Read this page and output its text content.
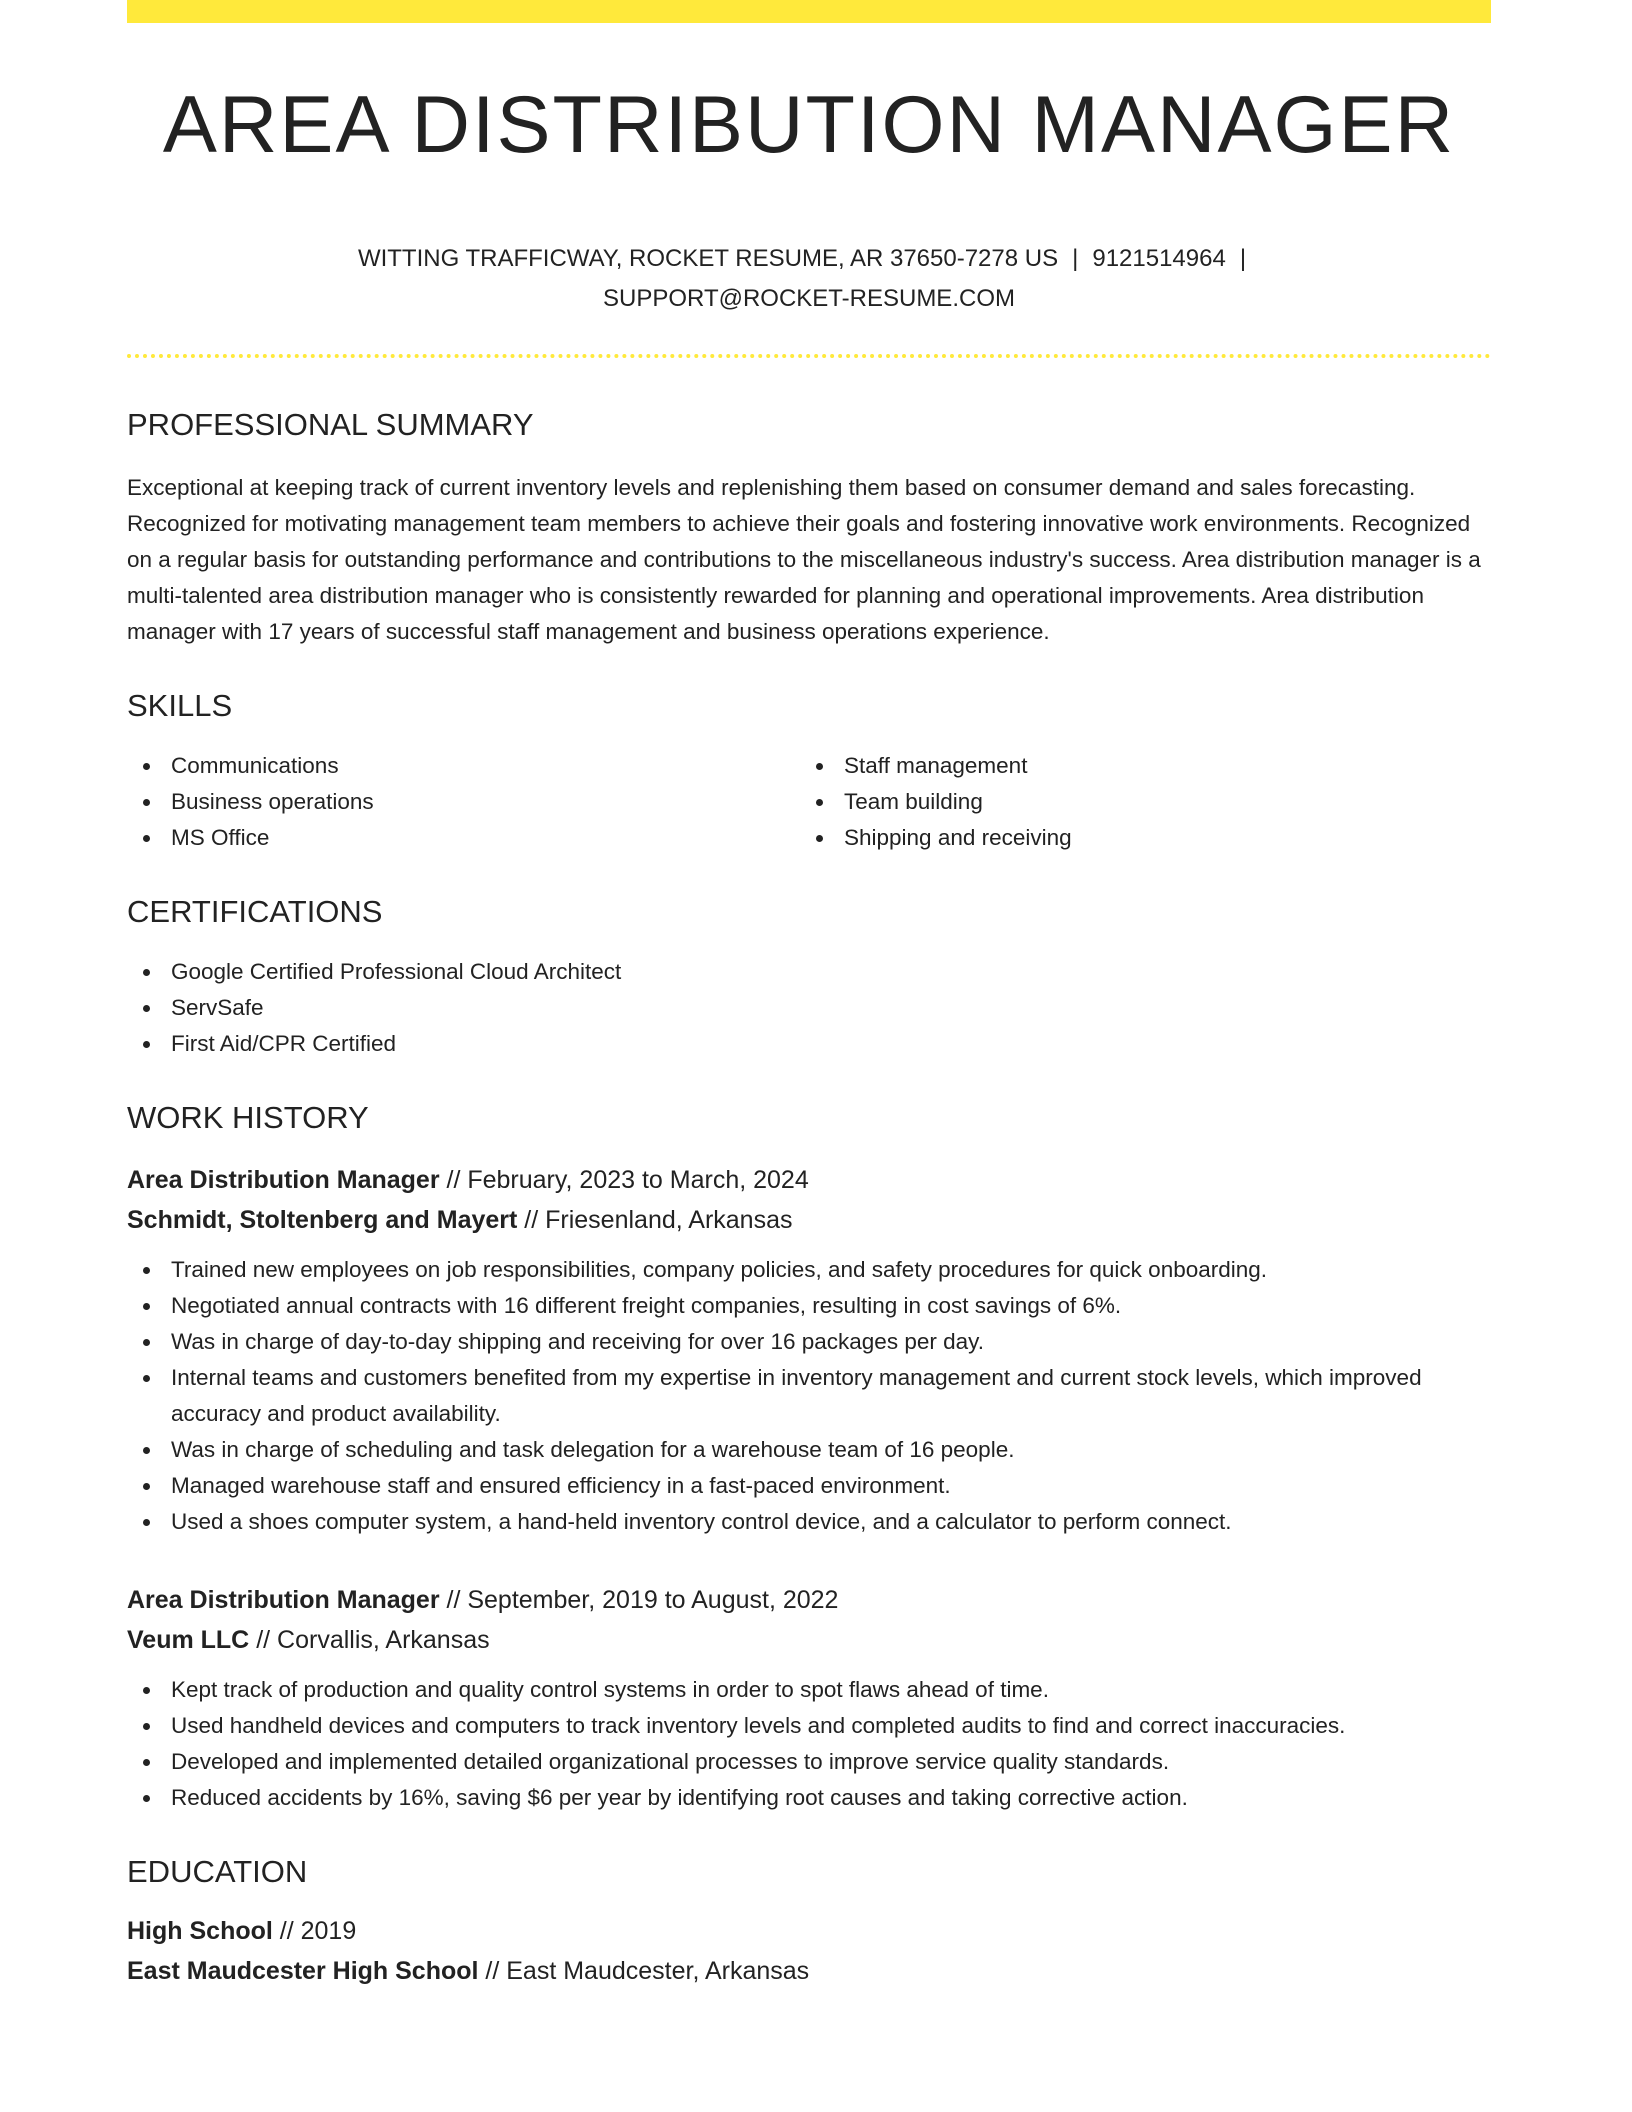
AREA DISTRIBUTION MANAGER
WITTING TRAFFICWAY, ROCKET RESUME, AR 37650-7278 US | 9121514964 |
SUPPORT@ROCKET-RESUME.COM
PROFESSIONAL SUMMARY

Exceptional at keeping track of current inventory levels and replenishing them based on consumer demand and sales forecasting. Recognized for motivating management team members to achieve their goals and fostering innovative work environments. Recognized on a regular basis for outstanding performance and contributions to the miscellaneous industry's success. Area distribution manager is a multi-talented area distribution manager who is consistently rewarded for planning and operational improvements. Area distribution manager with 17 years of successful staff management and business operations experience.

SKILLS
Communications
Business operations
MS Office
Staff management
Team building
Shipping and receiving
CERTIFICATIONS
Google Certified Professional Cloud Architect
ServSafe
First Aid/CPR Certified
WORK HISTORY
Area Distribution Manager // February, 2023 to March, 2024
Schmidt, Stoltenberg and Mayert // Friesenland, Arkansas
Trained new employees on job responsibilities, company policies, and safety procedures for quick onboarding.
Negotiated annual contracts with 16 different freight companies, resulting in cost savings of 6%.
Was in charge of day-to-day shipping and receiving for over 16 packages per day.
Internal teams and customers benefited from my expertise in inventory management and current stock levels, which improved accuracy and product availability.
Was in charge of scheduling and task delegation for a warehouse team of 16 people.
Managed warehouse staff and ensured efficiency in a fast-paced environment.
Used a shoes computer system, a hand-held inventory control device, and a calculator to perform connect.
Area Distribution Manager // September, 2019 to August, 2022
Veum LLC // Corvallis, Arkansas
Kept track of production and quality control systems in order to spot flaws ahead of time.
Used handheld devices and computers to track inventory levels and completed audits to find and correct inaccuracies.
Developed and implemented detailed organizational processes to improve service quality standards.
Reduced accidents by 16%, saving $6 per year by identifying root causes and taking corrective action.
EDUCATION
High School // 2019
East Maudcester High School // East Maudcester, Arkansas
